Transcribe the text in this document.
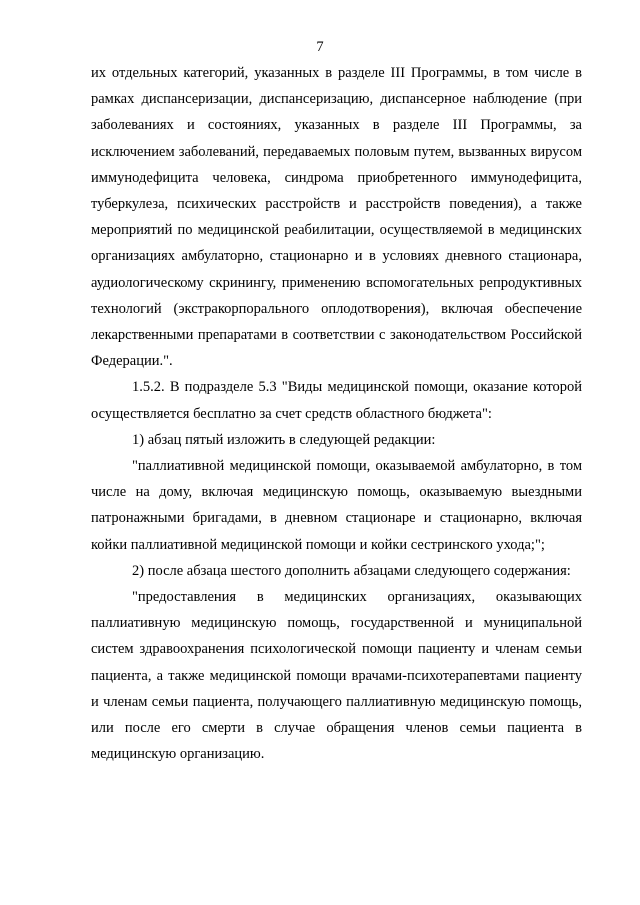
7

их отдельных категорий, указанных в разделе III Программы, в том числе в рамках диспансеризации, диспансеризацию, диспансерное наблюдение (при заболеваниях и состояниях, указанных в разделе III Программы, за исключением заболеваний, передаваемых половым путем, вызванных вирусом иммунодефицита человека, синдрома приобретенного иммунодефицита, туберкулеза, психических расстройств и расстройств поведения), а также мероприятий по медицинской реабилитации, осуществляемой в медицинских организациях амбулаторно, стационарно и в условиях дневного стационара, аудиологическому скринингу, применению вспомогательных репродуктивных технологий (экстракорпорального оплодотворения), включая обеспечение лекарственными препаратами в соответствии с законодательством Российской Федерации.".

1.5.2. В подразделе 5.3 "Виды медицинской помощи, оказание которой осуществляется бесплатно за счет средств областного бюджета":

1) абзац пятый изложить в следующей редакции:

"паллиативной медицинской помощи, оказываемой амбулаторно, в том числе на дому, включая медицинскую помощь, оказываемую выездными патронажными бригадами, в дневном стационаре и стационарно, включая койки паллиативной медицинской помощи и койки сестринского ухода;";

2) после абзаца шестого дополнить абзацами следующего содержания:

"предоставления в медицинских организациях, оказывающих паллиативную медицинскую помощь, государственной и муниципальной систем здравоохранения психологической помощи пациенту и членам семьи пациента, а также медицинской помощи врачами-психотерапевтами пациенту и членам семьи пациента, получающего паллиативную медицинскую помощь, или после его смерти в случае обращения членов семьи пациента в медицинскую организацию.
